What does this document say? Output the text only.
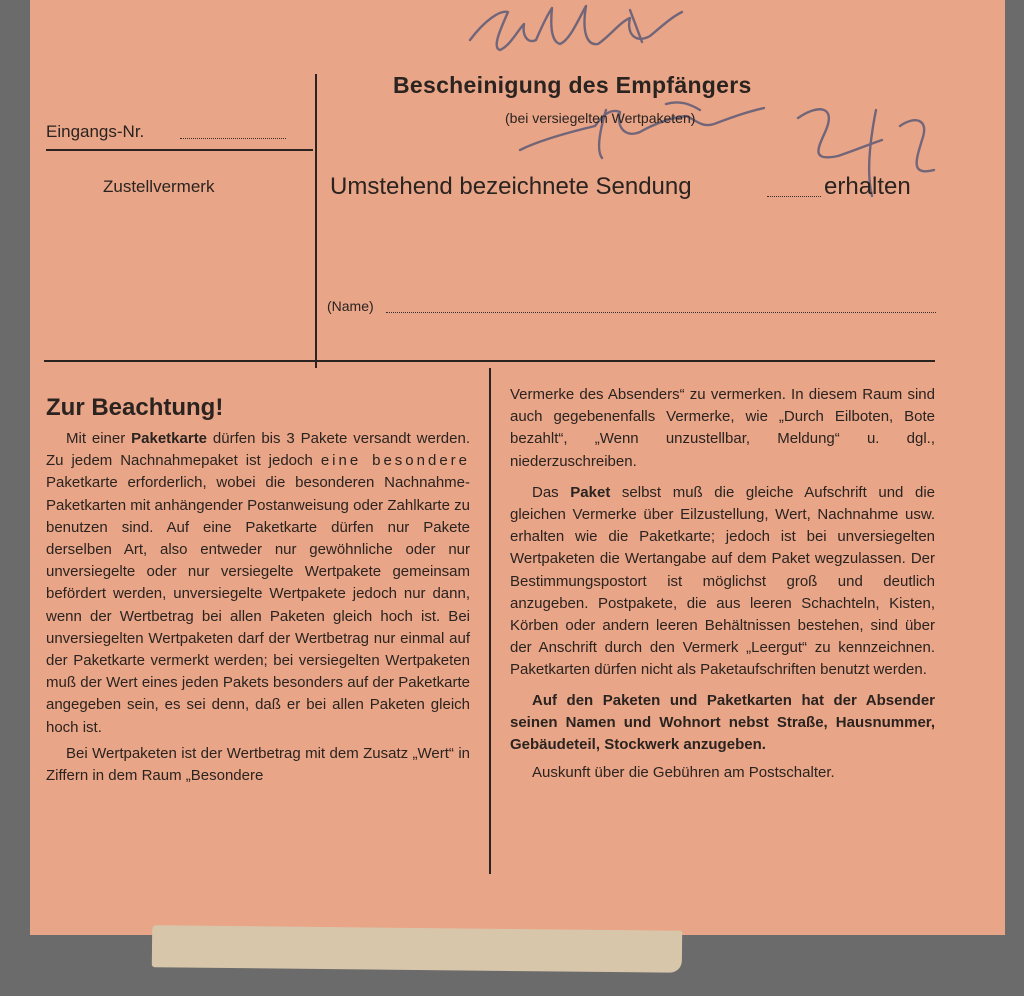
Bescheinigung des Empfängers
(bei versiegelten Wertpaketen)
Eingangs-Nr.
Zustellvermerk	Umstehend bezeichnete Sendung	erhalten
(Name)
Zur Beachtung!

Mit einer Paketkarte dürfen bis 3 Pakete versandt werden. Zu jedem Nachnahmepaket ist jedoch eine besondere Paketkarte erforderlich, wobei die besonderen Nachnahme-Paketkarten mit anhängender Postanweisung oder Zahlkarte zu benutzen sind. Auf eine Paketkarte dürfen nur Pakete derselben Art, also entweder nur gewöhnliche oder nur unversiegelte oder nur versiegelte Wertpakete gemeinsam befördert werden, unversiegelte Wertpakete jedoch nur dann, wenn der Wertbetrag bei allen Paketen gleich hoch ist. Bei unversiegelten Wertpaketen darf der Wertbetrag nur einmal auf der Paketkarte vermerkt werden; bei versiegelten Wertpaketen muß der Wert eines jeden Pakets besonders auf der Paketkarte angegeben sein, es sei denn, daß er bei allen Paketen gleich hoch ist.

Bei Wertpaketen ist der Wertbetrag mit dem Zusatz „Wert“ in Ziffern in dem Raum „Besondere

Vermerke des Absenders“ zu vermerken. In diesem Raum sind auch gegebenenfalls Vermerke, wie „Durch Eilboten, Bote bezahlt“, „Wenn unzustellbar, Meldung“ u. dgl., niederzuschreiben.

Das Paket selbst muß die gleiche Aufschrift und die gleichen Vermerke über Eilzustellung, Wert, Nachnahme usw. erhalten wie die Paketkarte; jedoch ist bei unversiegelten Wertpaketen die Wertangabe auf dem Paket wegzulassen. Der Bestimmungspostort ist möglichst groß und deutlich anzugeben. Postpakete, die aus leeren Schachteln, Kisten, Körben oder andern leeren Behältnissen bestehen, sind über der Anschrift durch den Vermerk „Leergut“ zu kennzeichnen. Paketkarten dürfen nicht als Paketaufschriften benutzt werden.

Auf den Paketen und Paketkarten hat der Absender seinen Namen und Wohnort nebst Straße, Hausnummer, Gebäudeteil, Stockwerk anzugeben.

Auskunft über die Gebühren am Postschalter.
